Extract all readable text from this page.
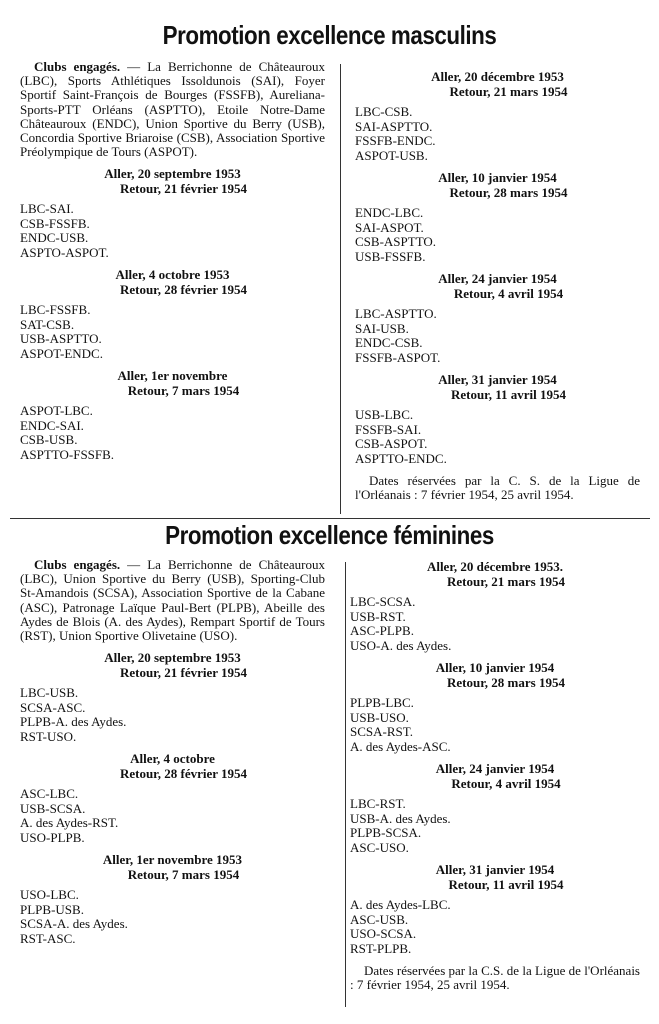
Promotion excellence masculins

Clubs engagés. — La Berrichonne de Châteauroux (LBC), Sports Athlétiques Issoldunois (SAI), Foyer Sportif Saint-François de Bourges (FSSFB), Aureliana-Sports-PTT Orléans (ASPTTO), Etoile Notre-Dame Châteauroux (ENDC), Union Sportive du Berry (USB), Concordia Sportive Briaroise (CSB), Association Sportive Préolympique de Tours (ASPOT).

Aller, 20 septembre 1953
Retour, 21 février 1954
LBC-SAI.
CSB-FSSFB.
ENDC-USB.
ASPTO-ASPOT.
Aller, 4 octobre 1953
Retour, 28 février 1954
LBC-FSSFB.
SAT-CSB.
USB-ASPTTO.
ASPOT-ENDC.
Aller, 1er novembre
Retour, 7 mars 1954
ASPOT-LBC.
ENDC-SAI.
CSB-USB.
ASPTTO-FSSFB.
Aller, 20 décembre 1953
Retour, 21 mars 1954
LBC-CSB.
SAI-ASPTTO.
FSSFB-ENDC.
ASPOT-USB.
Aller, 10 janvier 1954
Retour, 28 mars 1954
ENDC-LBC.
SAI-ASPOT.
CSB-ASPTTO.
USB-FSSFB.
Aller, 24 janvier 1954
Retour, 4 avril 1954
LBC-ASPTTO.
SAI-USB.
ENDC-CSB.
FSSFB-ASPOT.
Aller, 31 janvier 1954
Retour, 11 avril 1954
USB-LBC.
FSSFB-SAI.
CSB-ASPOT.
ASPTTO-ENDC.

Dates réservées par la C. S. de la Ligue de l'Orléanais : 7 février 1954, 25 avril 1954.

Promotion excellence féminines

Clubs engagés. — La Berrichonne de Châteauroux (LBC), Union Sportive du Berry (USB), Sporting-Club St-Amandois (SCSA), Association Sportive de la Cabane (ASC), Patronage Laïque Paul-Bert (PLPB), Abeille des Aydes de Blois (A. des Aydes), Rempart Sportif de Tours (RST), Union Sportive Olivetaine (USO).

Aller, 20 septembre 1953
Retour, 21 février 1954
LBC-USB.
SCSA-ASC.
PLPB-A. des Aydes.
RST-USO.
Aller, 4 octobre
Retour, 28 février 1954
ASC-LBC.
USB-SCSA.
A. des Aydes-RST.
USO-PLPB.
Aller, 1er novembre 1953
Retour, 7 mars 1954
USO-LBC.
PLPB-USB.
SCSA-A. des Aydes.
RST-ASC.
Aller, 20 décembre 1953.
Retour, 21 mars 1954
LBC-SCSA.
USB-RST.
ASC-PLPB.
USO-A. des Aydes.
Aller, 10 janvier 1954
Retour, 28 mars 1954
PLPB-LBC.
USB-USO.
SCSA-RST.
A. des Aydes-ASC.
Aller, 24 janvier 1954
Retour, 4 avril 1954
LBC-RST.
USB-A. des Aydes.
PLPB-SCSA.
ASC-USO.
Aller, 31 janvier 1954
Retour, 11 avril 1954
A. des Aydes-LBC.
ASC-USB.
USO-SCSA.
RST-PLPB.

Dates réservées par la C.S. de la Ligue de l'Orléanais : 7 février 1954, 25 avril 1954.
